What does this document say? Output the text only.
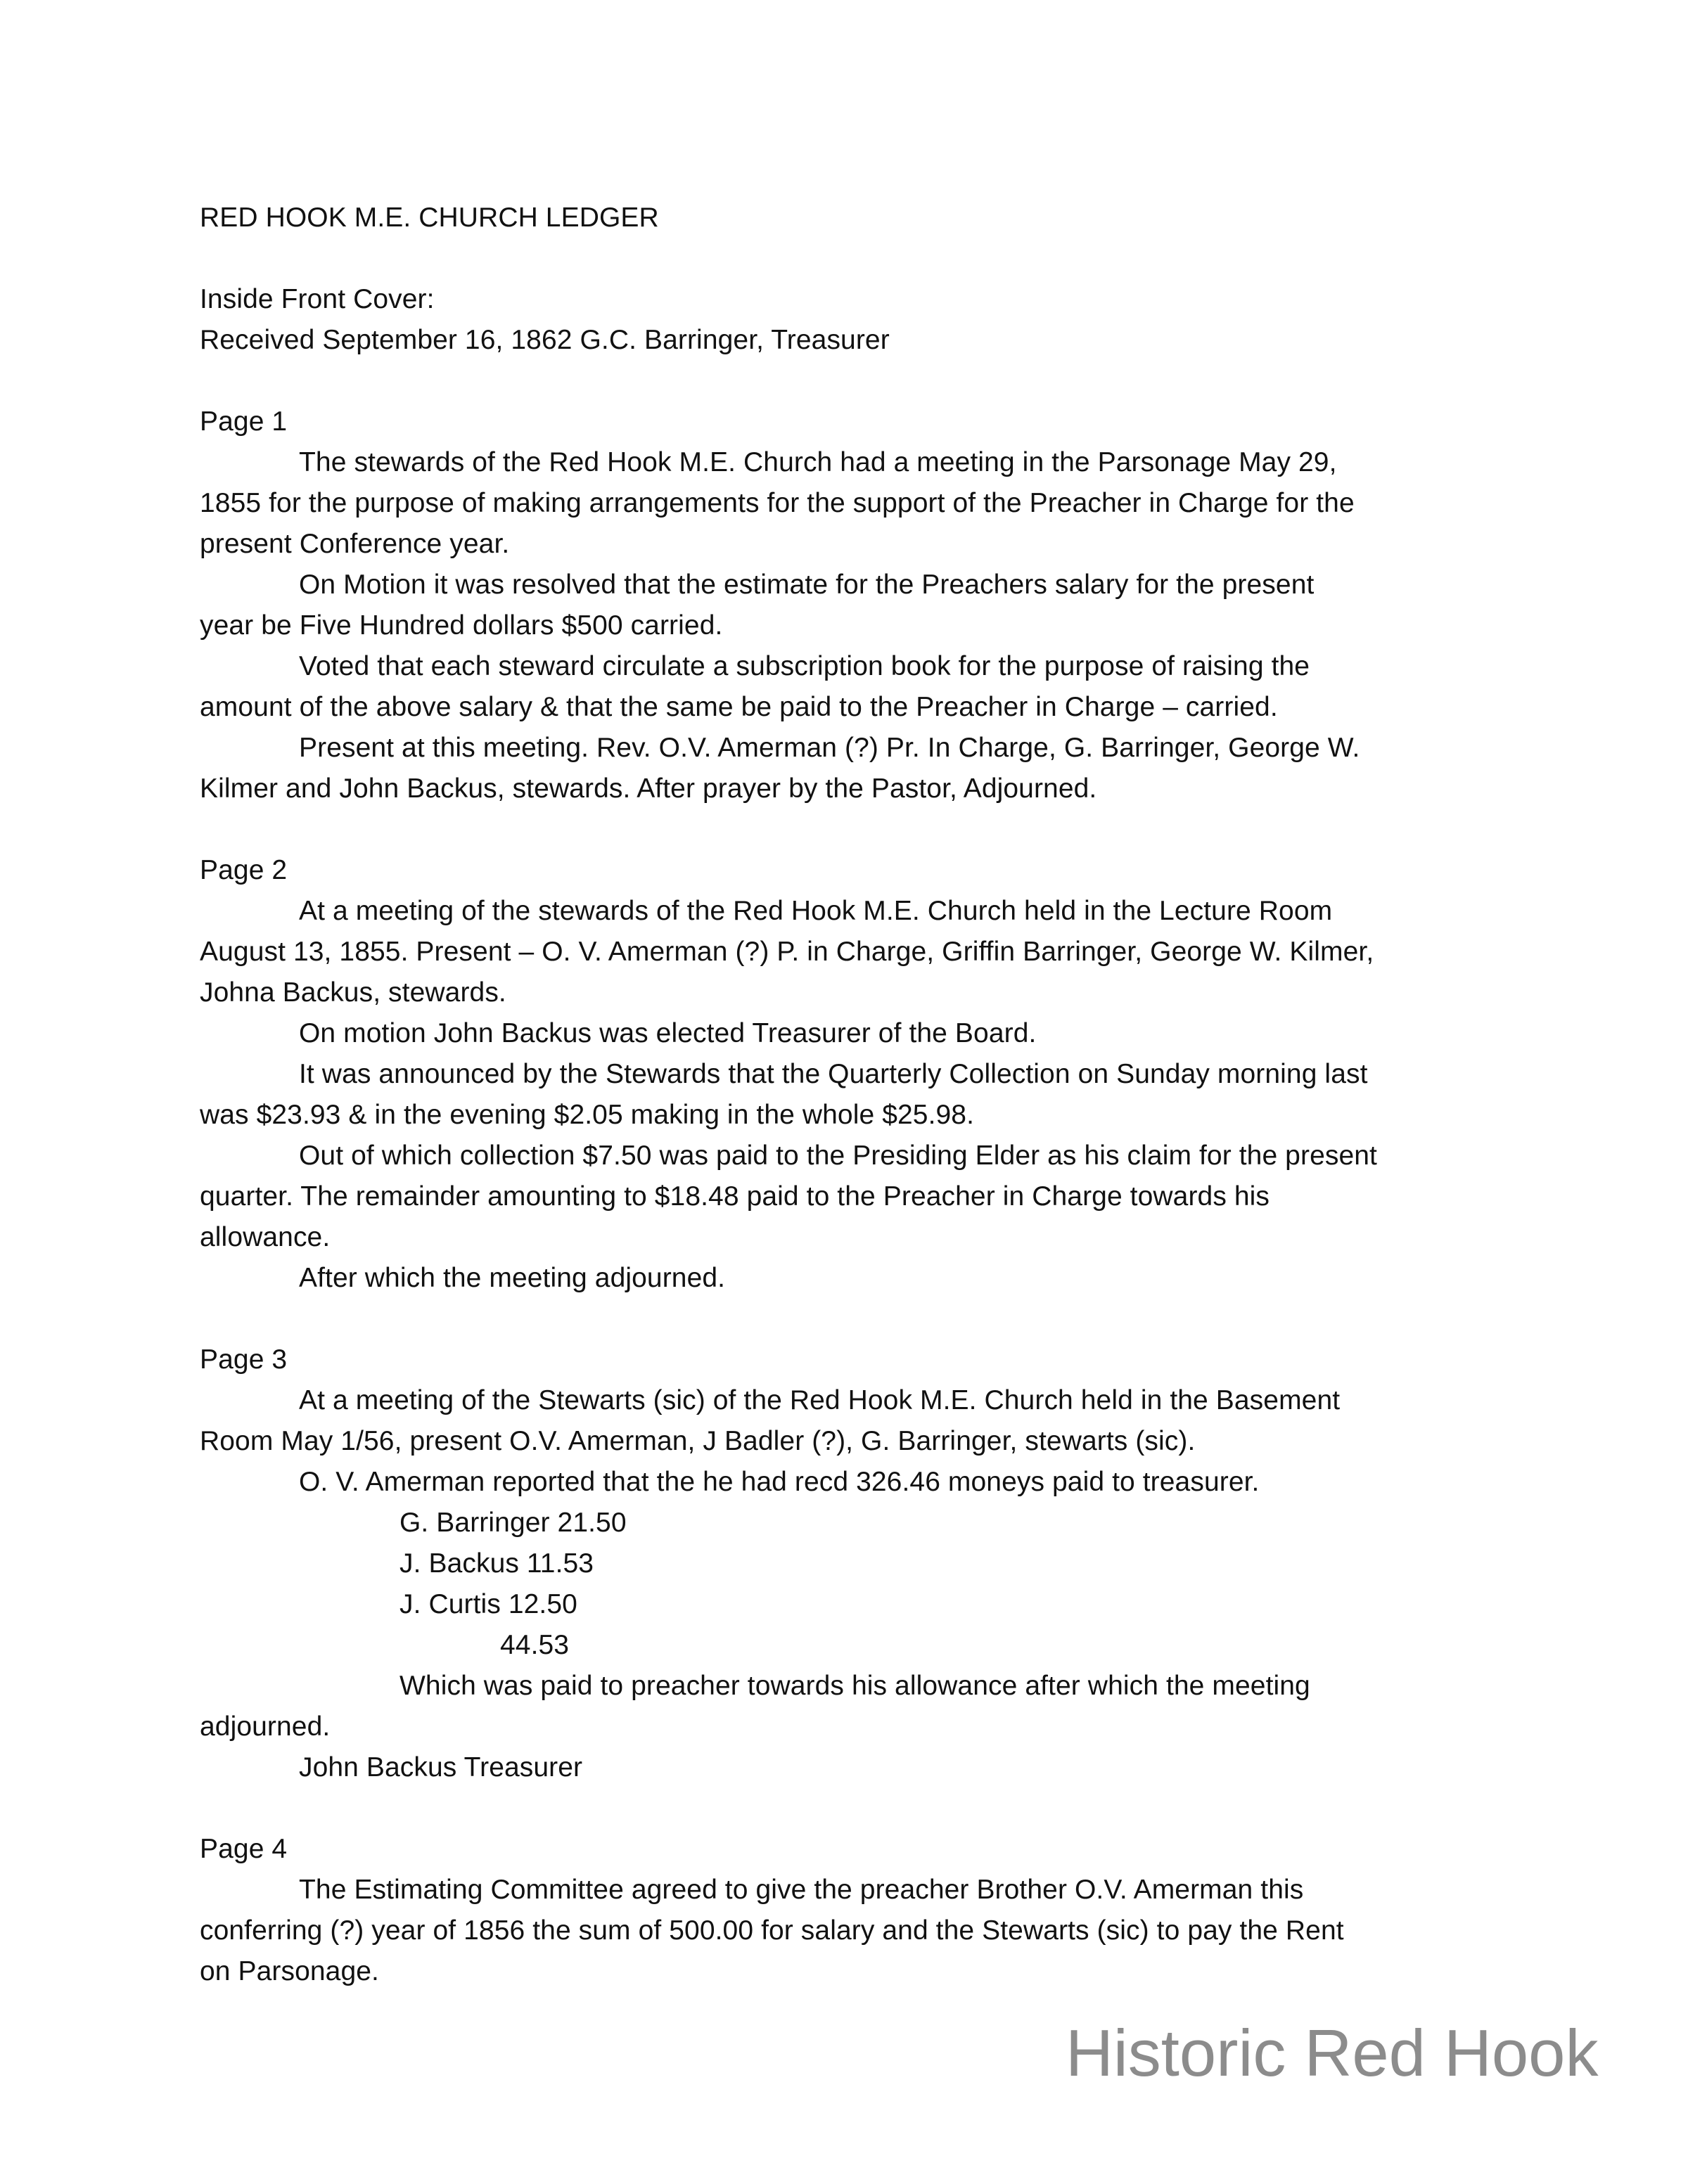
RED HOOK M.E. CHURCH LEDGER
Inside Front Cover:
Received September 16, 1862 G.C. Barringer, Treasurer
Page 1
The stewards of the Red Hook M.E. Church had a meeting in the Parsonage May 29,
1855 for the purpose of making arrangements for the support of the Preacher in Charge for the
present Conference year.
On Motion it was resolved that the estimate for the Preachers salary for the present
year be Five Hundred dollars $500 carried.
Voted that each steward circulate a subscription book for the purpose of raising the
amount of the above salary & that the same be paid to the Preacher in Charge – carried.
Present at this meeting. Rev. O.V. Amerman (?) Pr. In Charge, G. Barringer, George W.
Kilmer and John Backus, stewards. After prayer by the Pastor, Adjourned.
Page 2
At a meeting of the stewards of the Red Hook M.E. Church held in the Lecture Room
August 13, 1855. Present – O. V. Amerman (?) P. in Charge, Griffin Barringer, George W. Kilmer,
Johna Backus, stewards.
On motion John Backus was elected Treasurer of the Board.
It was announced by the Stewards that the Quarterly Collection on Sunday morning last
was $23.93 & in the evening $2.05 making in the whole $25.98.
Out of which collection $7.50 was paid to the Presiding Elder as his claim for the present
quarter. The remainder amounting to $18.48 paid to the Preacher in Charge towards his
allowance.
After which the meeting adjourned.
Page 3
At a meeting of the Stewarts (sic) of the Red Hook M.E. Church held in the Basement
Room May 1/56, present O.V. Amerman, J Badler (?), G. Barringer, stewarts (sic).
O. V. Amerman reported that the he had recd 326.46 moneys paid to treasurer.
G. Barringer 21.50
J. Backus 11.53
J. Curtis 12.50
44.53
Which was paid to preacher towards his allowance after which the meeting
adjourned.
John Backus Treasurer
Page 4
The Estimating Committee agreed to give the preacher Brother O.V. Amerman this
conferring (?) year of 1856 the sum of 500.00 for salary and the Stewarts (sic) to pay the Rent
on Parsonage.
Historic Red Hook
